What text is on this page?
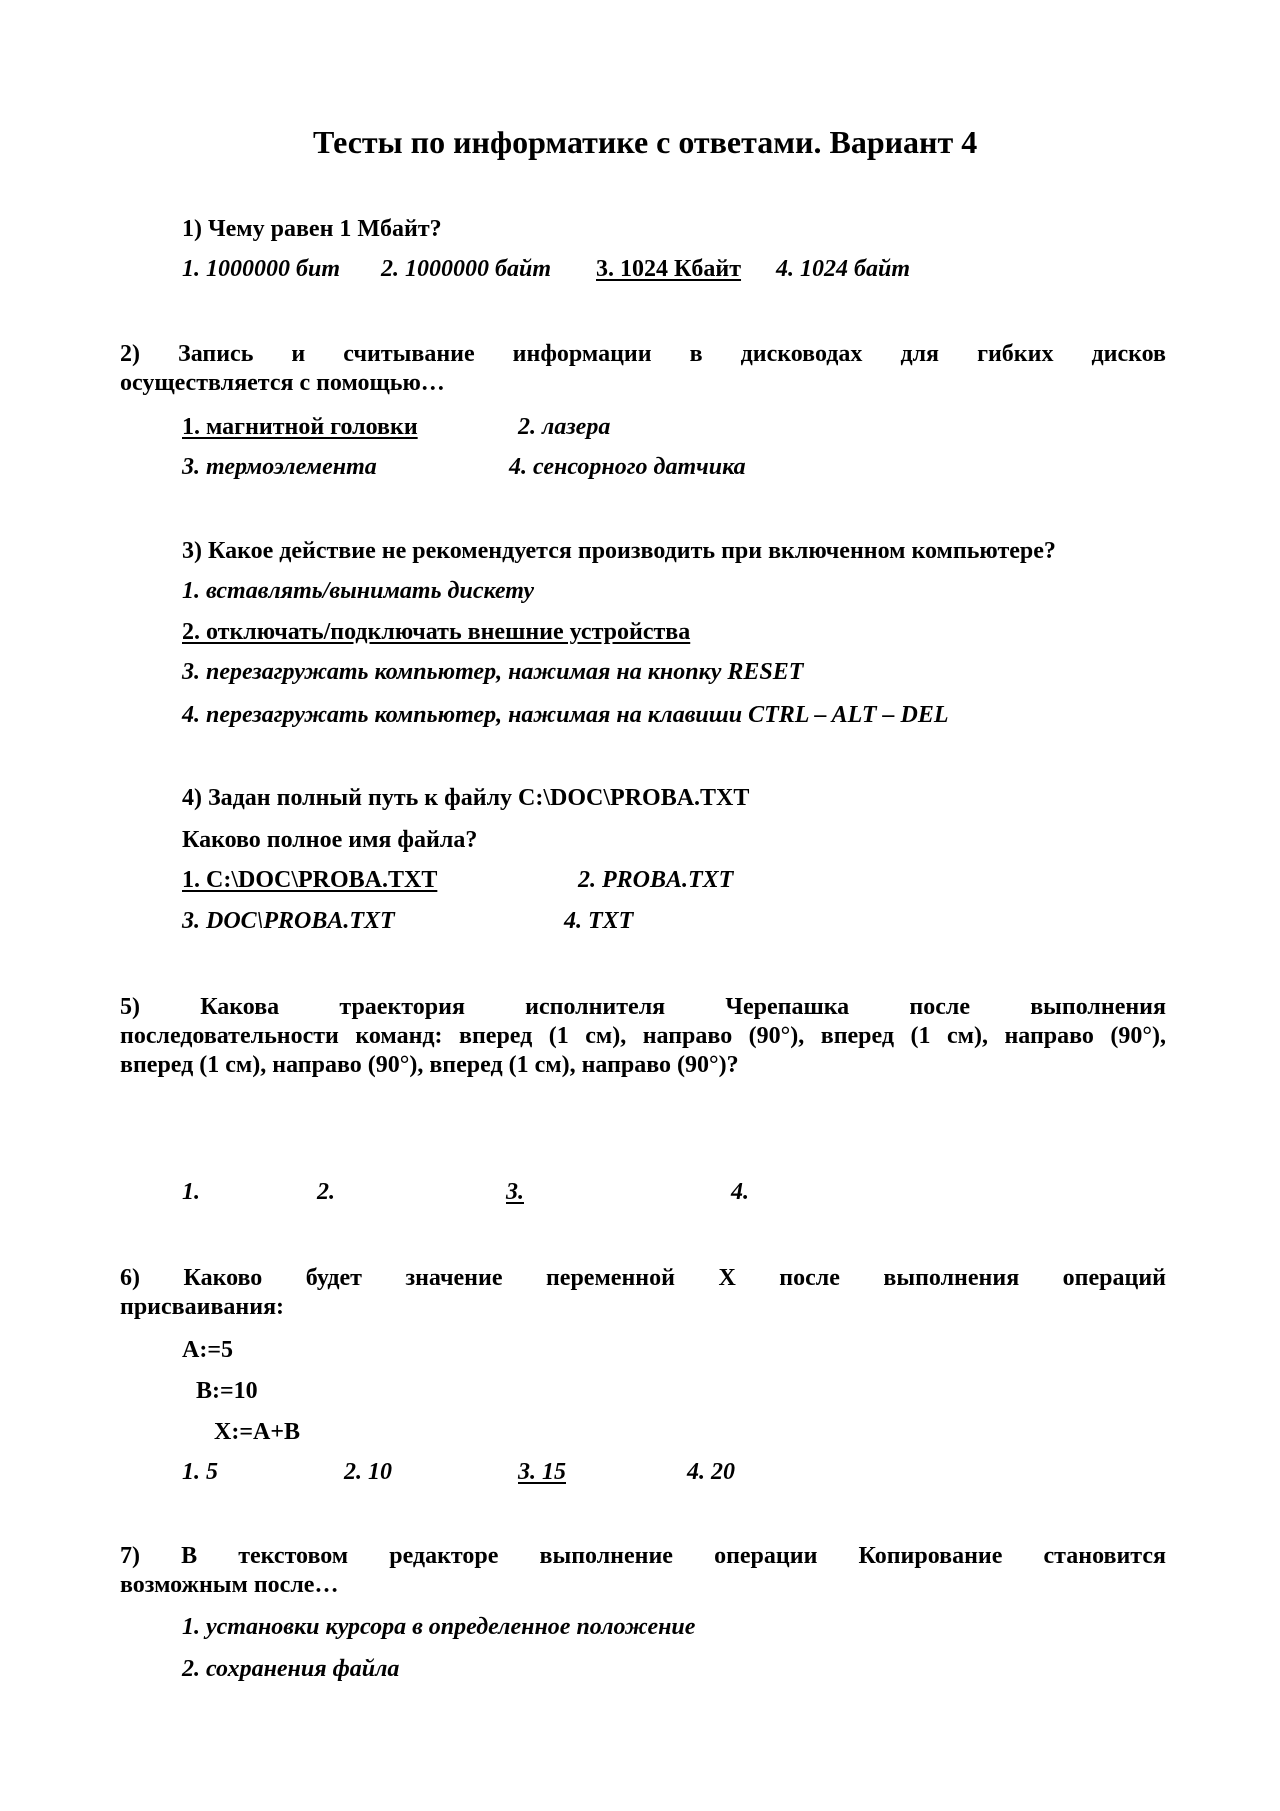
Тесты по информатике с ответами. Вариант 4
1) Чему равен 1 Мбайт?
1. 1000000 бит 2. 1000000 байт 3. 1024 Кбайт 4. 1024 байт
2) Запись и считывание информации в дисководах для гибких дисков
осуществляется с помощью…
1. магнитной головки	2. лазера
3. термоэлемента	4. сенсорного датчика
3) Какое действие не рекомендуется производить при включенном компьютере?
1. вставлять/вынимать дискету
2. отключать/подключать внешние устройства
3. перезагружать компьютер, нажимая на кнопку RESET
4. перезагружать компьютер, нажимая на клавиши CTRL – ALT – DEL
4) Задан полный путь к файлу C:\DOC\PROBA.TXT
Каково полное имя файла?
1. C:\DOC\PROBA.TXT	2. PROBA.TXT
3. DOC\PROBA.TXT	4. TXT
5) Какова траектория исполнителя Черепашка после выполнения
последовательности команд: вперед (1 см), направо (90°), вперед (1 см), направо (90°),
вперед (1 см), направо (90°), вперед (1 см), направо (90°)?
1.	2.	3.	4.
6) Каково будет значение переменной X после выполнения операций
присваивания:
A:=5
B:=10
X:=A+B
1. 5	2. 10	3. 15	4. 20
7) В текстовом редакторе выполнение операции Копирование становится
возможным после…
1. установки курсора в определенное положение
2. сохранения файла
